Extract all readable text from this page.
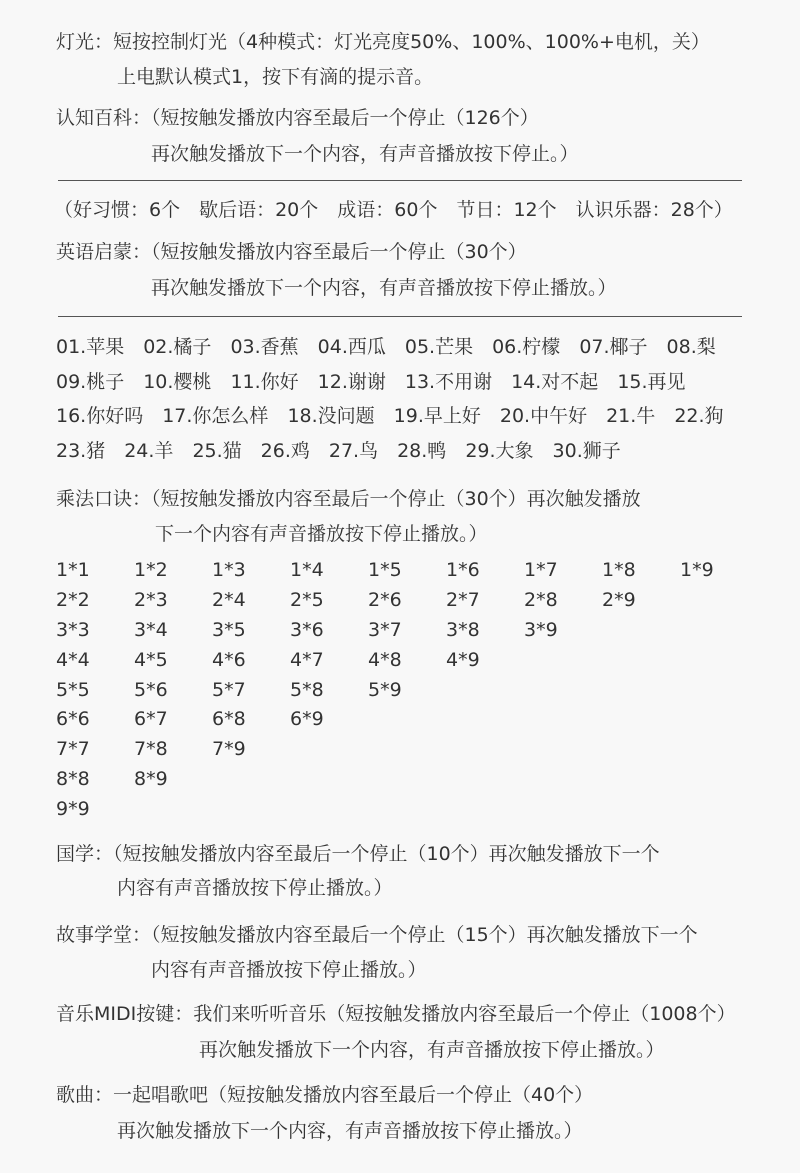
灯光：短按控制灯光（4种模式：灯光亮度50%、100%、100%+电机，关）
上电默认模式1，按下有滴的提示音。
认知百科：（短按触发播放内容至最后一个停止（126个）
再次触发播放下一个内容，有声音播放按下停止。）
（好习惯：6个　歇后语：20个　成语：60个　节日：12个　认识乐器：28个）
英语启蒙：（短按触发播放内容至最后一个停止（30个）
再次触发播放下一个内容，有声音播放按下停止播放。）
01.苹果 02.橘子 03.香蕉 04.西瓜 05.芒果 06.柠檬 07.椰子 08.梨
09.桃子 10.樱桃 11.你好 12.谢谢 13.不用谢 14.对不起 15.再见
16.你好吗 17.你怎么样 18.没问题 19.早上好 20.中午好 21.牛 22.狗
23.猪 24.羊 25.猫 26.鸡 27.鸟 28.鸭 29.大象 30.狮子
乘法口诀：（短按触发播放内容至最后一个停止（30个）再次触发播放
下一个内容有声音播放按下停止播放。）
1*1 1*2 1*3 1*4 1*5 1*6 1*7 1*8 1*9
2*2 2*3 2*4 2*5 2*6 2*7 2*8 2*9
3*3 3*4 3*5 3*6 3*7 3*8 3*9
4*4 4*5 4*6 4*7 4*8 4*9
5*5 5*6 5*7 5*8 5*9
6*6 6*7 6*8 6*9
7*7 7*8 7*9
8*8 8*9
9*9
国学：（短按触发播放内容至最后一个停止（10个）再次触发播放下一个
内容有声音播放按下停止播放。）
故事学堂：（短按触发播放内容至最后一个停止（15个）再次触发播放下一个
内容有声音播放按下停止播放。）
音乐MIDI按键：我们来听听音乐（短按触发播放内容至最后一个停止（1008个）
再次触发播放下一个内容，有声音播放按下停止播放。）
歌曲：一起唱歌吧（短按触发播放内容至最后一个停止（40个）
再次触发播放下一个内容，有声音播放按下停止播放。）
